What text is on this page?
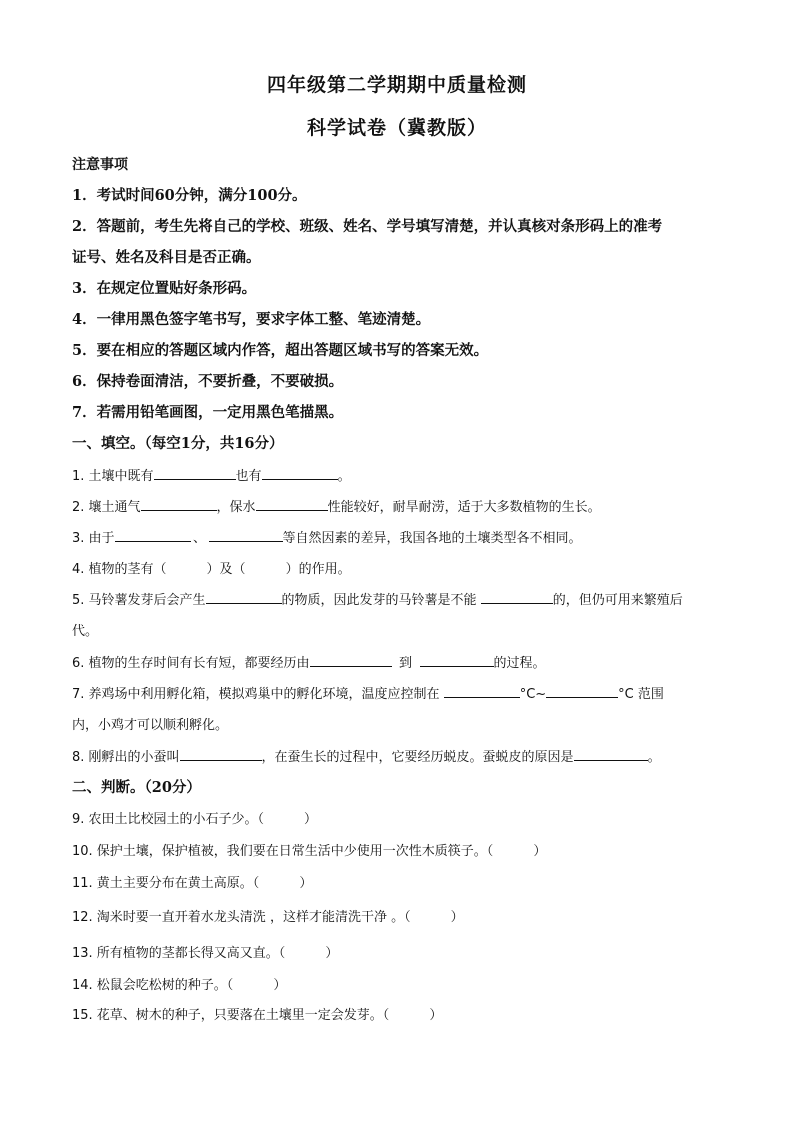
四年级第二学期期中质量检测
科学试卷（冀教版）
注意事项
1．考试时间60分钟，满分100分。
2．答题前，考生先将自己的学校、班级、姓名、学号填写清楚，并认真核对条形码上的准考
证号、姓名及科目是否正确。
3．在规定位置贴好条形码。
4．一律用黑色签字笔书写，要求字体工整、笔迹清楚。
5．要在相应的答题区域内作答，超出答题区域书写的答案无效。
6．保持卷面清洁，不要折叠，不要破损。
7．若需用铅笔画图，一定用黑色笔描黑。
一、填空。（每空1分，共16分）
1. 土壤中既有	也有	。
2. 壤土通气	，保水	性能较好，耐旱耐涝，适于大多数植物的生长。
3. 由于	、	等自然因素的差异，我国各地的土壤类型各不相同。
4. 植物的茎有（	）及（	）的作用。
5. 马铃薯发芽后会产生	的物质，因此发芽的马铃薯是不能	的，但仍可用来繁殖后
代。
6. 植物的生存时间有长有短，都要经历由	到	的过程。
7. 养鸡场中利用孵化箱，模拟鸡巢中的孵化环境，温度应控制在	°C~	°C 范围
内，小鸡才可以顺利孵化。
8. 刚孵出的小蚕叫	，在蚕生长的过程中，它要经历蜕皮。蚕蜕皮的原因是	。
二、判断。（20分）
9. 农田土比校园土的小石子少。（	）
10. 保护土壤，保护植被，我们要在日常生活中少使用一次性木质筷子。（	）
11. 黄土主要分布在黄土高原。（	）
12. 淘米时要一直开着水龙头清洗 ，这样才能清洗干净 。（	）
13. 所有植物的茎都长得又高又直。（	）
14. 松鼠会吃松树的种子。（	）
15. 花草、树木的种子，只要落在土壤里一定会发芽。（	）
